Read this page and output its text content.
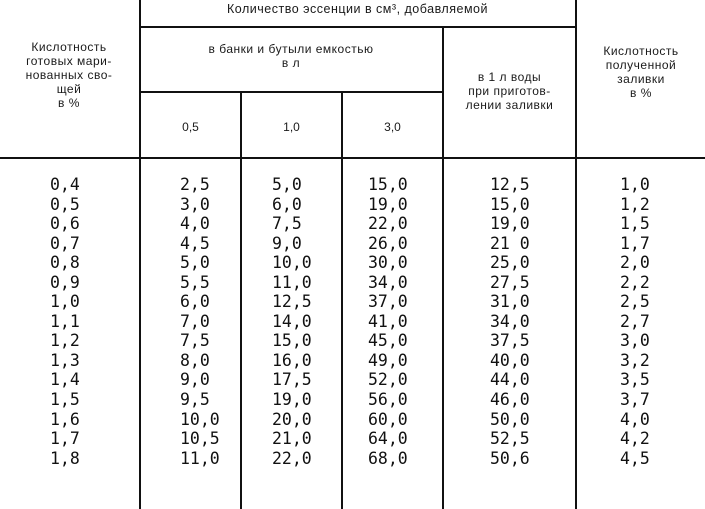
Количество эссенции в см³, добавляемой
Кислотность
готовых мари-
нованных сво-
щей
в %
в банки и бутыли емкостью
в л
0,5	1,0	3,0
в 1 л воды
при приготов-
лении заливки
Кислотность
полученной
заливки
в %
0,4
0,5
0,6
0,7
0,8
0,9
1,0
1,1
1,2
1,3
1,4
1,5
1,6
1,7
1,8
2,5
3,0
4,0
4,5
5,0
5,5
6,0
7,0
7,5
8,0
9,0
9,5
10,0
10,5
11,0
5,0
6,0
7,5
9,0
10,0
11,0
12,5
14,0
15,0
16,0
17,5
19,0
20,0
21,0
22,0
15,0
19,0
22,0
26,0
30,0
34,0
37,0
41,0
45,0
49,0
52,0
56,0
60,0
64,0
68,0
12,5
15,0
19,0
21 0
25,0
27,5
31,0
34,0
37,5
40,0
44,0
46,0
50,0
52,5
50,6
1,0
1,2
1,5
1,7
2,0
2,2
2,5
2,7
3,0
3,2
3,5
3,7
4,0
4,2
4,5
